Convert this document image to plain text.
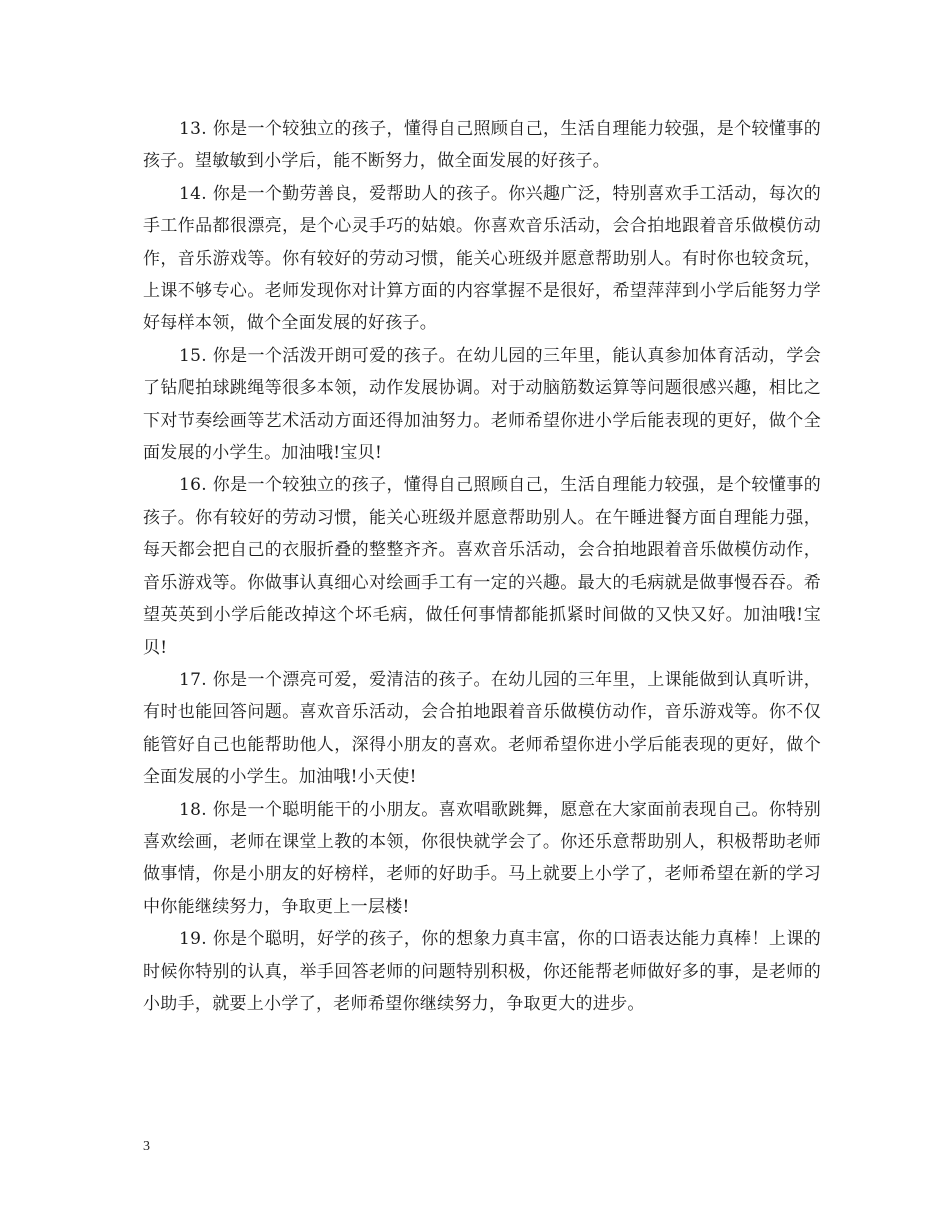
13. 你是一个较独立的孩子，懂得自己照顾自己，生活自理能力较强，是个较懂事的孩子。望敏敏到小学后，能不断努力，做全面发展的好孩子。

14. 你是一个勤劳善良，爱帮助人的孩子。你兴趣广泛，特别喜欢手工活动，每次的手工作品都很漂亮，是个心灵手巧的姑娘。你喜欢音乐活动，会合拍地跟着音乐做模仿动作，音乐游戏等。你有较好的劳动习惯，能关心班级并愿意帮助别人。有时你也较贪玩，上课不够专心。老师发现你对计算方面的内容掌握不是很好，希望萍萍到小学后能努力学好每样本领，做个全面发展的好孩子。

15. 你是一个活泼开朗可爱的孩子。在幼儿园的三年里，能认真参加体育活动，学会了钻爬拍球跳绳等很多本领，动作发展协调。对于动脑筋数运算等问题很感兴趣，相比之下对节奏绘画等艺术活动方面还得加油努力。老师希望你进小学后能表现的更好，做个全面发展的小学生。加油哦!宝贝!

16. 你是一个较独立的孩子，懂得自己照顾自己，生活自理能力较强，是个较懂事的孩子。你有较好的劳动习惯，能关心班级并愿意帮助别人。在午睡进餐方面自理能力强，每天都会把自己的衣服折叠的整整齐齐。喜欢音乐活动，会合拍地跟着音乐做模仿动作，音乐游戏等。你做事认真细心对绘画手工有一定的兴趣。最大的毛病就是做事慢吞吞。希望英英到小学后能改掉这个坏毛病，做任何事情都能抓紧时间做的又快又好。加油哦!宝贝!

17. 你是一个漂亮可爱，爱清洁的孩子。在幼儿园的三年里，上课能做到认真听讲，有时也能回答问题。喜欢音乐活动，会合拍地跟着音乐做模仿动作，音乐游戏等。你不仅能管好自己也能帮助他人，深得小朋友的喜欢。老师希望你进小学后能表现的更好，做个全面发展的小学生。加油哦!小天使!

18. 你是一个聪明能干的小朋友。喜欢唱歌跳舞，愿意在大家面前表现自己。你特别喜欢绘画，老师在课堂上教的本领，你很快就学会了。你还乐意帮助别人，积极帮助老师做事情，你是小朋友的好榜样，老师的好助手。马上就要上小学了，老师希望在新的学习中你能继续努力，争取更上一层楼!

19. 你是个聪明，好学的孩子，你的想象力真丰富，你的口语表达能力真棒！上课的时候你特别的认真，举手回答老师的问题特别积极，你还能帮老师做好多的事，是老师的小助手，就要上小学了，老师希望你继续努力，争取更大的进步。

3
